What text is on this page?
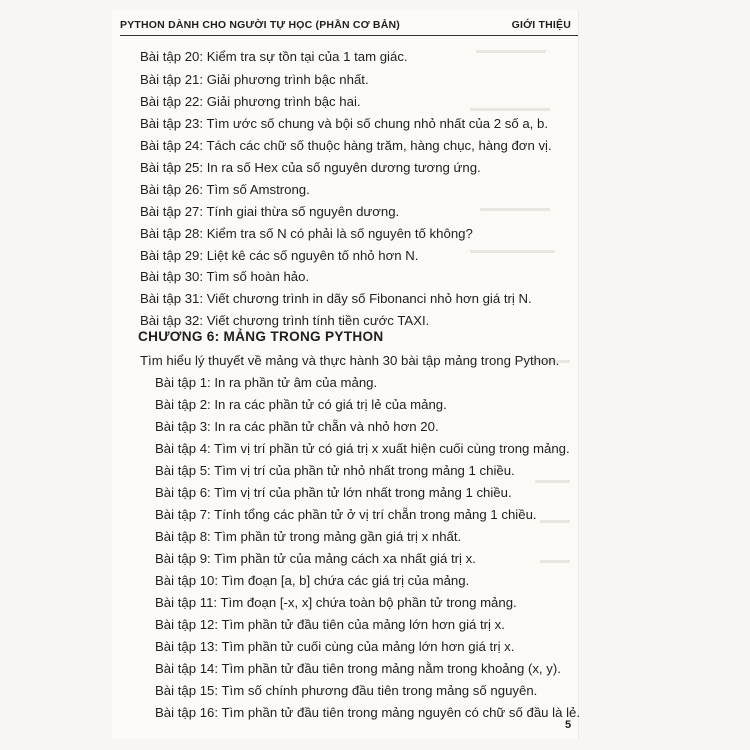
PYTHON DÀNH CHO NGƯỜI TỰ HỌC (PHẦN CƠ BẢN)	GIỚI THIỆU
Bài tập 20: Kiểm tra sự tồn tại của 1 tam giác.
Bài tập 21: Giải phương trình bậc nhất.
Bài tập 22: Giải phương trình bậc hai.
Bài tập 23: Tìm ước số chung và bội số chung nhỏ nhất của 2 số a, b.
Bài tập 24: Tách các chữ số thuộc hàng trăm, hàng chục, hàng đơn vị.
Bài tập 25: In ra số Hex của số nguyên dương tương ứng.
Bài tập 26: Tìm số Amstrong.
Bài tập 27: Tính giai thừa số nguyên dương.
Bài tập 28: Kiểm tra số N có phải là số nguyên tố không?
Bài tập 29: Liệt kê các số nguyên tố nhỏ hơn N.
Bài tập 30: Tìm số hoàn hảo.
Bài tập 31: Viết chương trình in dãy số Fibonanci nhỏ hơn giá trị N.
Bài tập 32: Viết chương trình tính tiền cước TAXI.
CHƯƠNG 6: MẢNG TRONG PYTHON
Tìm hiểu lý thuyết về mảng và thực hành 30 bài tập mảng trong Python.
Bài tập 1: In ra phần tử âm của mảng.
Bài tập 2: In ra các phần tử có giá trị lẻ của mảng.
Bài tập 3: In ra các phần tử chẵn và nhỏ hơn 20.
Bài tập 4: Tìm vị trí phần tử có giá trị x xuất hiện cuối cùng trong mảng.
Bài tập 5: Tìm vị trí của phần tử nhỏ nhất trong mảng 1 chiều.
Bài tập 6: Tìm vị trí của phần tử lớn nhất trong mảng 1 chiều.
Bài tập 7: Tính tổng các phần tử ở vị trí chẵn trong mảng 1 chiều.
Bài tập 8: Tìm phần tử trong mảng gần giá trị x nhất.
Bài tập 9: Tìm phần tử của mảng cách xa nhất giá trị x.
Bài tập 10: Tìm đoạn [a, b] chứa các giá trị của mảng.
Bài tập 11: Tìm đoạn [-x, x] chứa toàn bộ phần tử trong mảng.
Bài tập 12: Tìm phần tử đầu tiên của mảng lớn hơn giá trị x.
Bài tập 13: Tìm phần tử cuối cùng của mảng lớn hơn giá trị x.
Bài tập 14: Tìm phần tử đầu tiên trong mảng nằm trong khoảng (x, y).
Bài tập 15: Tìm số chính phương đầu tiên trong mảng số nguyên.
Bài tập 16: Tìm phần tử đầu tiên trong mảng nguyên có chữ số đầu là lẻ.
5
